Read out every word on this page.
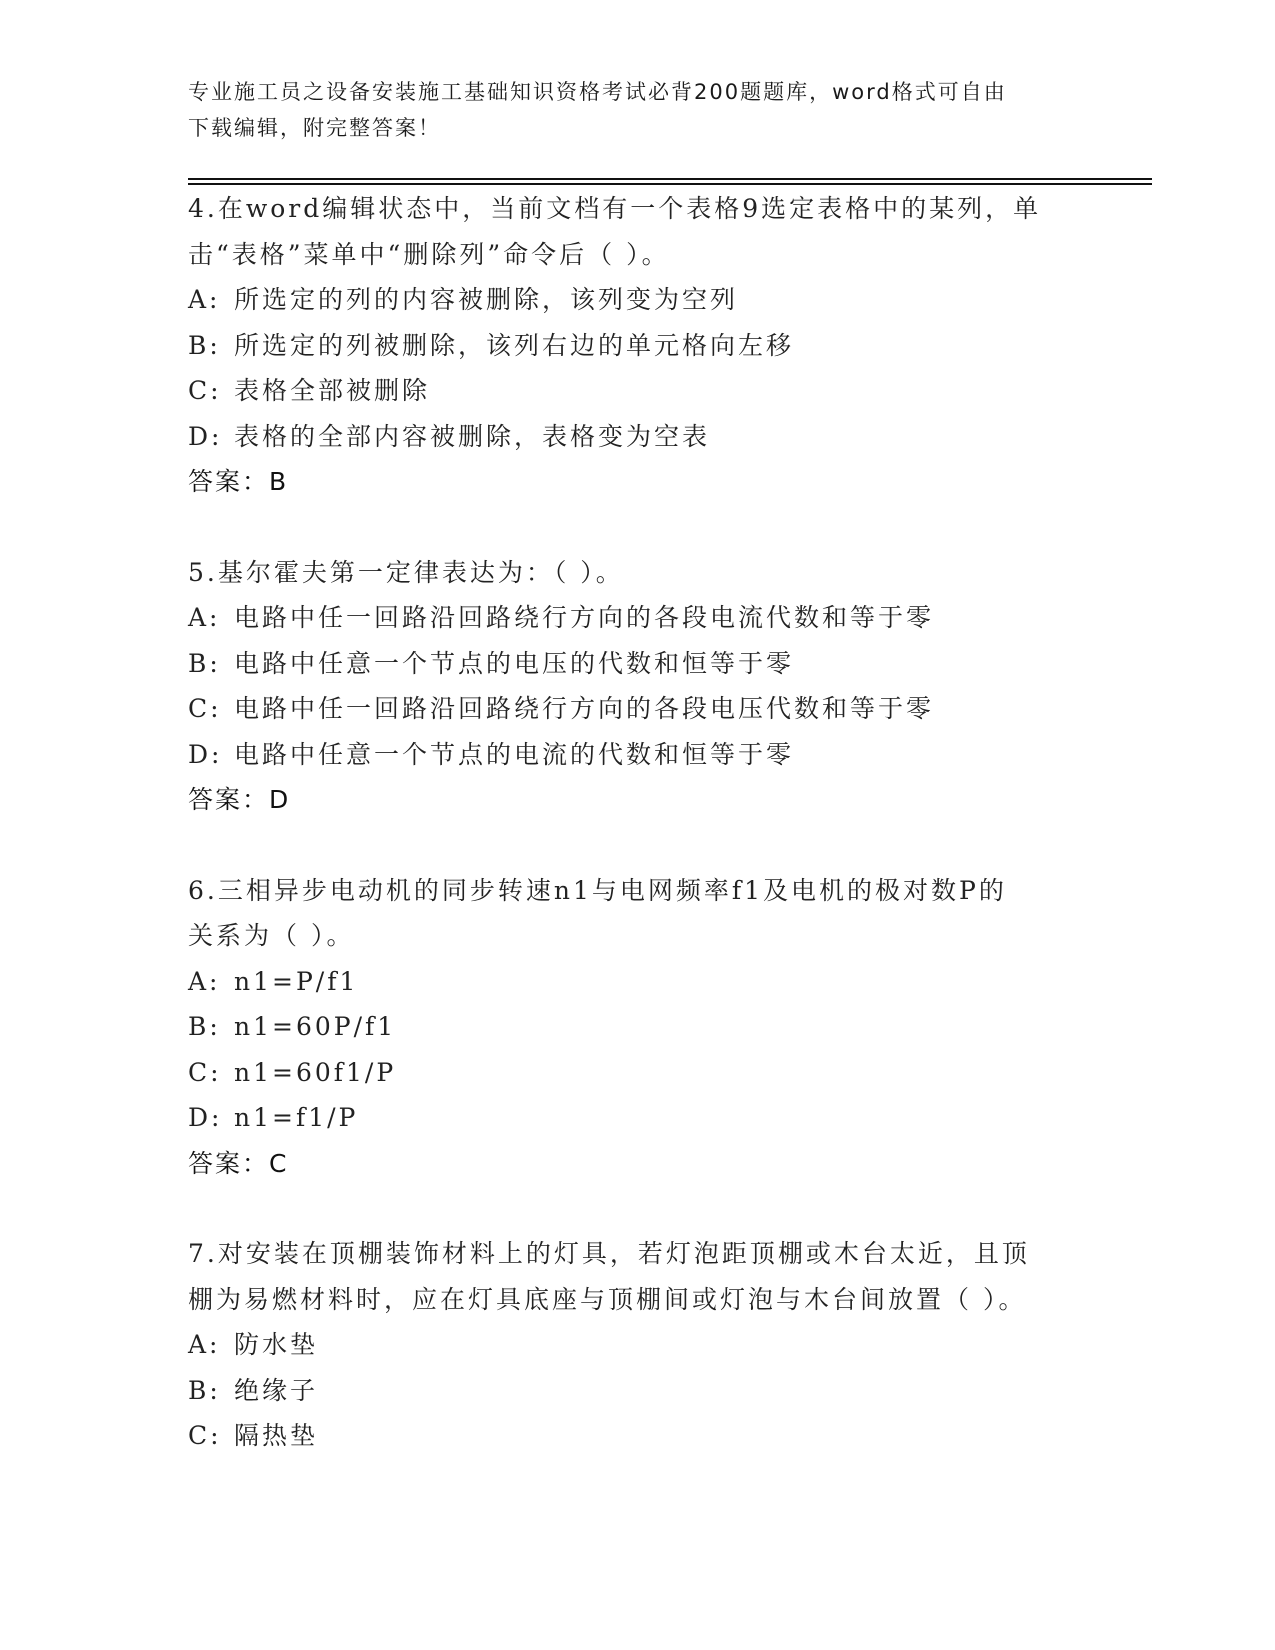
专业施工员之设备安装施工基础知识资格考试必背200题题库，word格式可自由
下载编辑，附完整答案！
4.在word编辑状态中，当前文档有一个表格9选定表格中的某列，单
击“表格”菜单中“删除列”命令后（ ）。
A: 所选定的列的内容被删除，该列变为空列
B: 所选定的列被删除，该列右边的单元格向左移
C: 表格全部被删除
D: 表格的全部内容被删除，表格变为空表
答案：B
5.基尔霍夫第一定律表达为：（ ）。
A: 电路中任一回路沿回路绕行方向的各段电流代数和等于零
B: 电路中任意一个节点的电压的代数和恒等于零
C: 电路中任一回路沿回路绕行方向的各段电压代数和等于零
D: 电路中任意一个节点的电流的代数和恒等于零
答案：D
6.三相异步电动机的同步转速n1与电网频率f1及电机的极对数P的
关系为（ ）。
A: n1=P/f1
B: n1=60P/f1
C: n1=60f1/P
D: n1=f1/P
答案：C
7.对安装在顶棚装饰材料上的灯具，若灯泡距顶棚或木台太近，且顶
棚为易燃材料时，应在灯具底座与顶棚间或灯泡与木台间放置（ ）。
A: 防水垫
B: 绝缘子
C: 隔热垫
